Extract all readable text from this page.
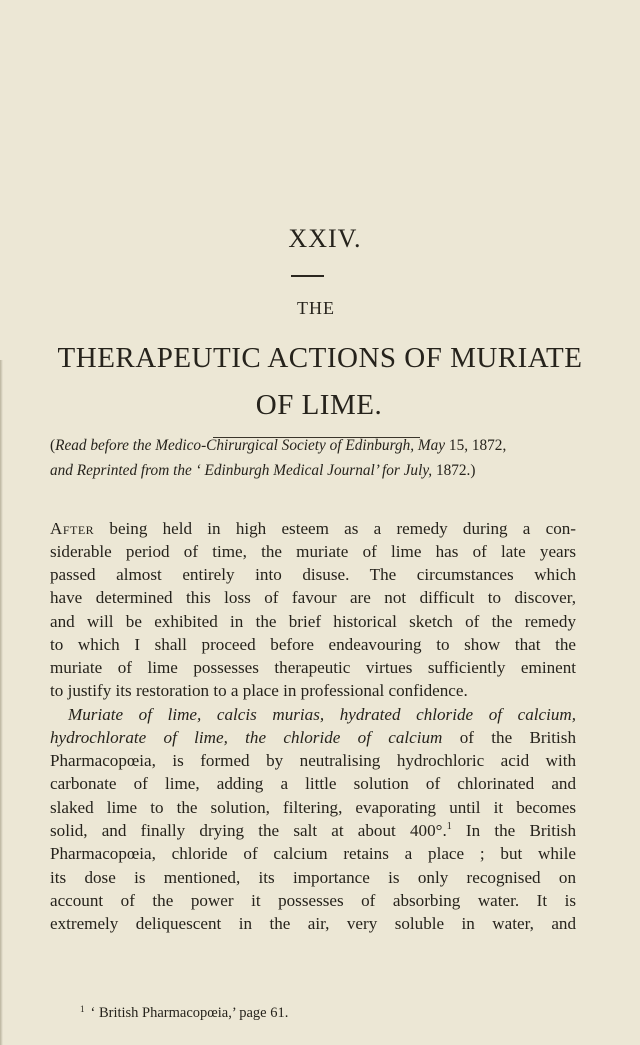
XXIV.
THE
THERAPEUTIC ACTIONS OF MURIATE
OF LIME.
(Read before the Medico-Chirurgical Society of Edinburgh, May 15, 1872,
and Reprinted from the ‘ Edinburgh Medical Journal’ for July, 1872.)
After being held in high esteem as a remedy during a con-
siderable period of time, the muriate of lime has of late years
passed almost entirely into disuse. The circumstances which
have determined this loss of favour are not difficult to discover,
and will be exhibited in the brief historical sketch of the remedy
to which I shall proceed before endeavouring to show that the
muriate of lime possesses therapeutic virtues sufficiently eminent
to justify its restoration to a place in professional confidence.
Muriate of lime, calcis murias, hydrated chloride of calcium,
hydrochlorate of lime, the chloride of calcium of the British
Pharmacopœia, is formed by neutralising hydrochloric acid with
carbonate of lime, adding a little solution of chlorinated and
slaked lime to the solution, filtering, evaporating until it becomes
solid, and finally drying the salt at about 400°.$^1$ In the British
Pharmacopœia, chloride of calcium retains a place ; but while
its dose is mentioned, its importance is only recognised on
account of the power it possesses of absorbing water. It is
extremely deliquescent in the air, very soluble in water, and
$^1$ ‘ British Pharmacopœia,’ page 61.
